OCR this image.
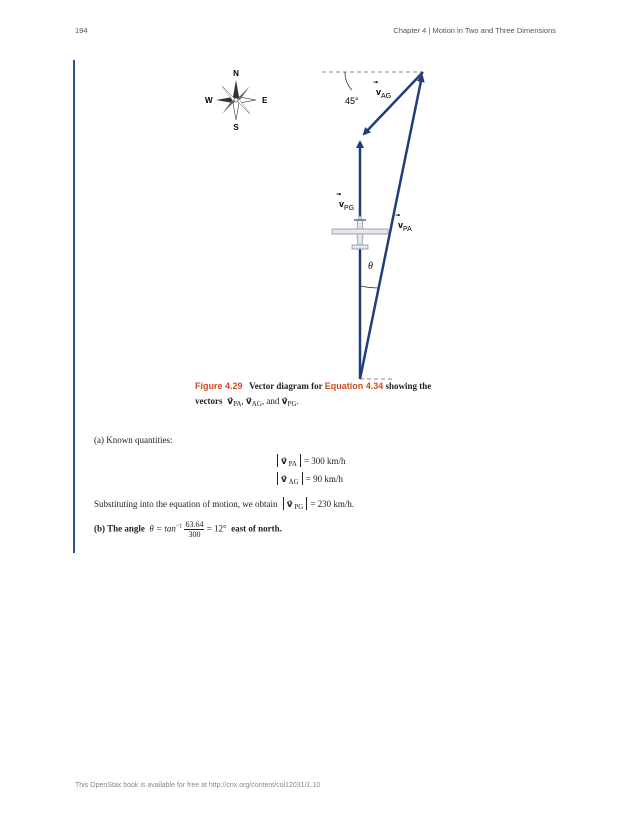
194	Chapter 4 | Motion in Two and Three Dimensions
N
S
E
W
$v_{AG}$
45°
$v_{PG}$
$v_{PA}$
θ
Figure 4.29 Vector diagram for Equation 4.34 showing the vectors  $v⃗_{PA}$, $v⃗_{AG}$, and $v⃗_{PG}$.
(a) Known quantities:
v⃗ $_{PA}$ = 300 km/h
v⃗ $_{AG}$ = 90 km/h
Substituting into the equation of motion, we obtain v⃗ $_{PG}$ = 230 km/h.
(b) The angle $\theta = \tan^{-1} \frac{63.64}{300} = 12^\circ$ east of north.
This OpenStax book is available for free at http://cnx.org/content/col12031/1.10
